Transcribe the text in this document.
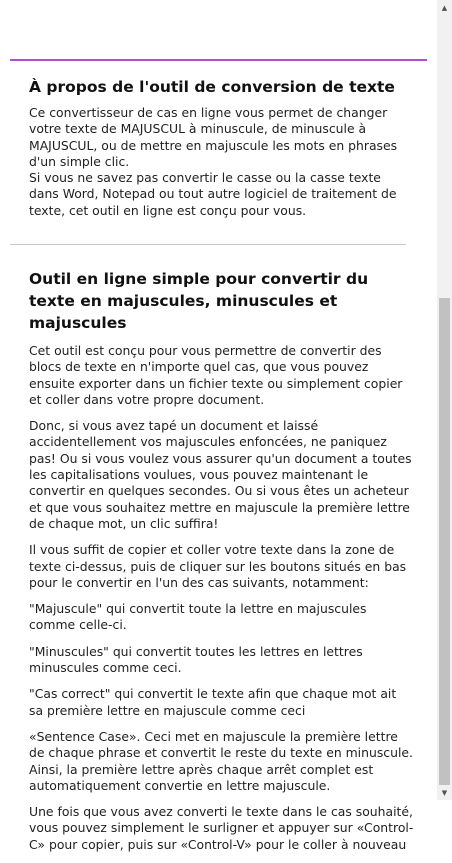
À propos de l'outil de conversion de texte

Ce convertisseur de cas en ligne vous permet de changer votre texte de MAJUSCUL à minuscule, de minuscule à MAJUSCUL, ou de mettre en majuscule les mots en phrases d'un simple clic.

Si vous ne savez pas convertir le casse ou la casse texte dans Word, Notepad ou tout autre logiciel de traitement de texte, cet outil en ligne est conçu pour vous.

Outil en ligne simple pour convertir du texte en majuscules, minuscules et majuscules

Cet outil est conçu pour vous permettre de convertir des blocs de texte en n'importe quel cas, que vous pouvez ensuite exporter dans un fichier texte ou simplement copier et coller dans votre propre document.

Donc, si vous avez tapé un document et laissé accidentellement vos majuscules enfoncées, ne paniquez pas! Ou si vous voulez vous assurer qu'un document a toutes les capitalisations voulues, vous pouvez maintenant le convertir en quelques secondes. Ou si vous êtes un acheteur et que vous souhaitez mettre en majuscule la première lettre de chaque mot, un clic suffira!

Il vous suffit de copier et coller votre texte dans la zone de texte ci-dessus, puis de cliquer sur les boutons situés en bas pour le convertir en l'un des cas suivants, notamment:

"Majuscule" qui convertit toute la lettre en majuscules comme celle-ci.

"Minuscules" qui convertit toutes les lettres en lettres minuscules comme ceci.

"Cas correct" qui convertit le texte afin que chaque mot ait sa première lettre en majuscule comme ceci

«Sentence Case». Ceci met en majuscule la première lettre de chaque phrase et convertit le reste du texte en minuscule. Ainsi, la première lettre après chaque arrêt complet est automatiquement convertie en lettre majuscule.

Une fois que vous avez converti le texte dans le cas souhaité, vous pouvez simplement le surligner et appuyer sur «Control-C» pour copier, puis sur «Control-V» pour le coller à nouveau

▲
▼
